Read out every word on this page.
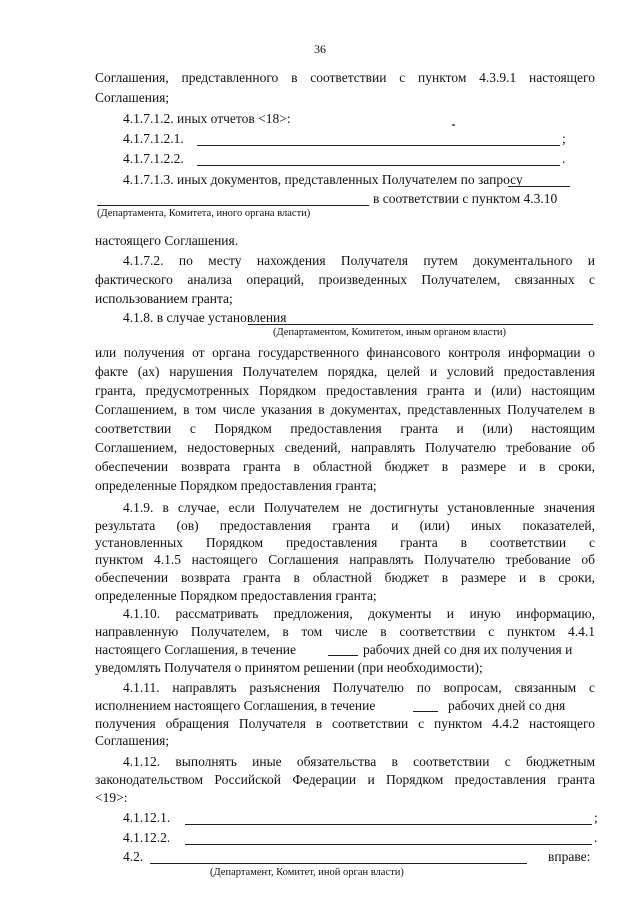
36
Соглашения, представленного в соответствии с пунктом 4.3.9.1 настоящего
Соглашения;
4.1.7.1.2. иных отчетов <18>:
4.1.7.1.2.1.	;
4.1.7.1.2.2.	.
4.1.7.1.3. иных документов, представленных Получателем по запросу
в соответствии с пунктом 4.3.10
(Департамента, Комитета, иного органа власти)
настоящего Соглашения.
4.1.7.2. по месту нахождения Получателя путем документального и
фактического анализа операций, произведенных Получателем, связанных с
использованием гранта;
4.1.8. в случае установления
(Департаментом, Комитетом, иным органом власти)
или получения от органа государственного финансового контроля информации о
факте (ах) нарушения Получателем порядка, целей и условий предоставления
гранта, предусмотренных Порядком предоставления гранта и (или) настоящим
Соглашением, в том числе указания в документах, представленных Получателем в
соответствии с Порядком предоставления гранта и (или) настоящим
Соглашением, недостоверных сведений, направлять Получателю требование об
обеспечении возврата гранта в областной бюджет в размере и в сроки,
определенные Порядком предоставления гранта;
4.1.9. в случае, если Получателем не достигнуты установленные значения
результата (ов) предоставления гранта и (или) иных показателей,
установленных Порядком предоставления гранта в соответствии с
пунктом 4.1.5 настоящего Соглашения направлять Получателю требование об
обеспечении возврата гранта в областной бюджет в размере и в сроки,
определенные Порядком предоставления гранта;
4.1.10. рассматривать предложения, документы и иную информацию,
направленную Получателем, в том числе в соответствии с пунктом 4.4.1
настоящего Соглашения, в течение	рабочих дней со дня их получения и
уведомлять Получателя о принятом решении (при необходимости);
4.1.11. направлять разъяснения Получателю по вопросам, связанным с
исполнением настоящего Соглашения, в течение	рабочих дней со дня
получения обращения Получателя в соответствии с пунктом 4.4.2 настоящего
Соглашения;
4.1.12. выполнять иные обязательства в соответствии с бюджетным
законодательством Российской Федерации и Порядком предоставления гранта
<19>:
4.1.12.1.	;
4.1.12.2.	.
4.2.	вправе:
(Департамент, Комитет, иной орган власти)
